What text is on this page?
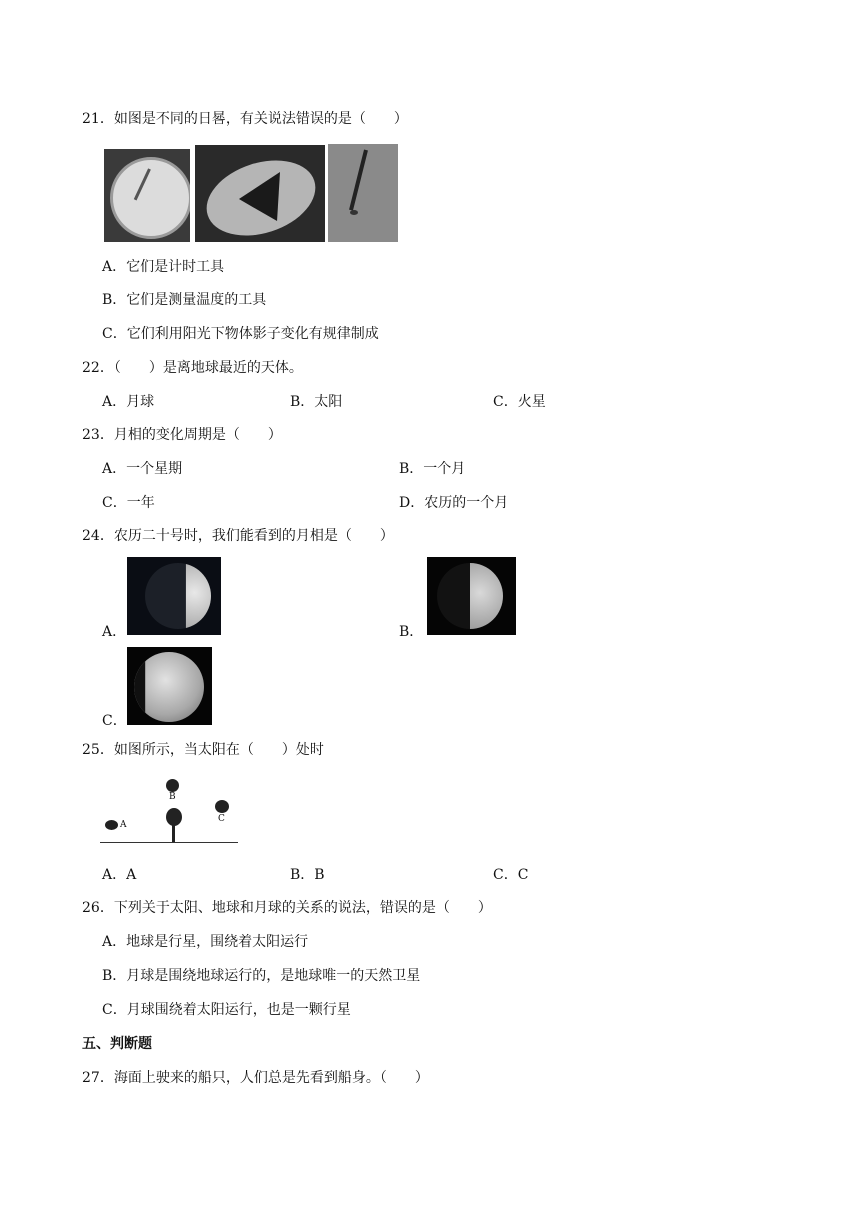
21．如图是不同的日晷，有关说法错误的是（　　）
A．它们是计时工具
B．它们是测量温度的工具
C．它们利用阳光下物体影子变化有规律制成
22．（　　）是离地球最近的天体。
A．月球	B．太阳	C．火星
23．月相的变化周期是（　　）
A．一个星期	B．一个月
C．一年	D．农历的一个月
24．农历二十号时，我们能看到的月相是（　　）
A．	B．
C．
25．如图所示，当太阳在（　　）处时
A
B
C
A．A	B．B	C．C
26．下列关于太阳、地球和月球的关系的说法，错误的是（　　）
A．地球是行星，围绕着太阳运行
B．月球是围绕地球运行的，是地球唯一的天然卫星
C．月球围绕着太阳运行，也是一颗行星
五、判断题
27．海面上驶来的船只，人们总是先看到船身。（　　）
